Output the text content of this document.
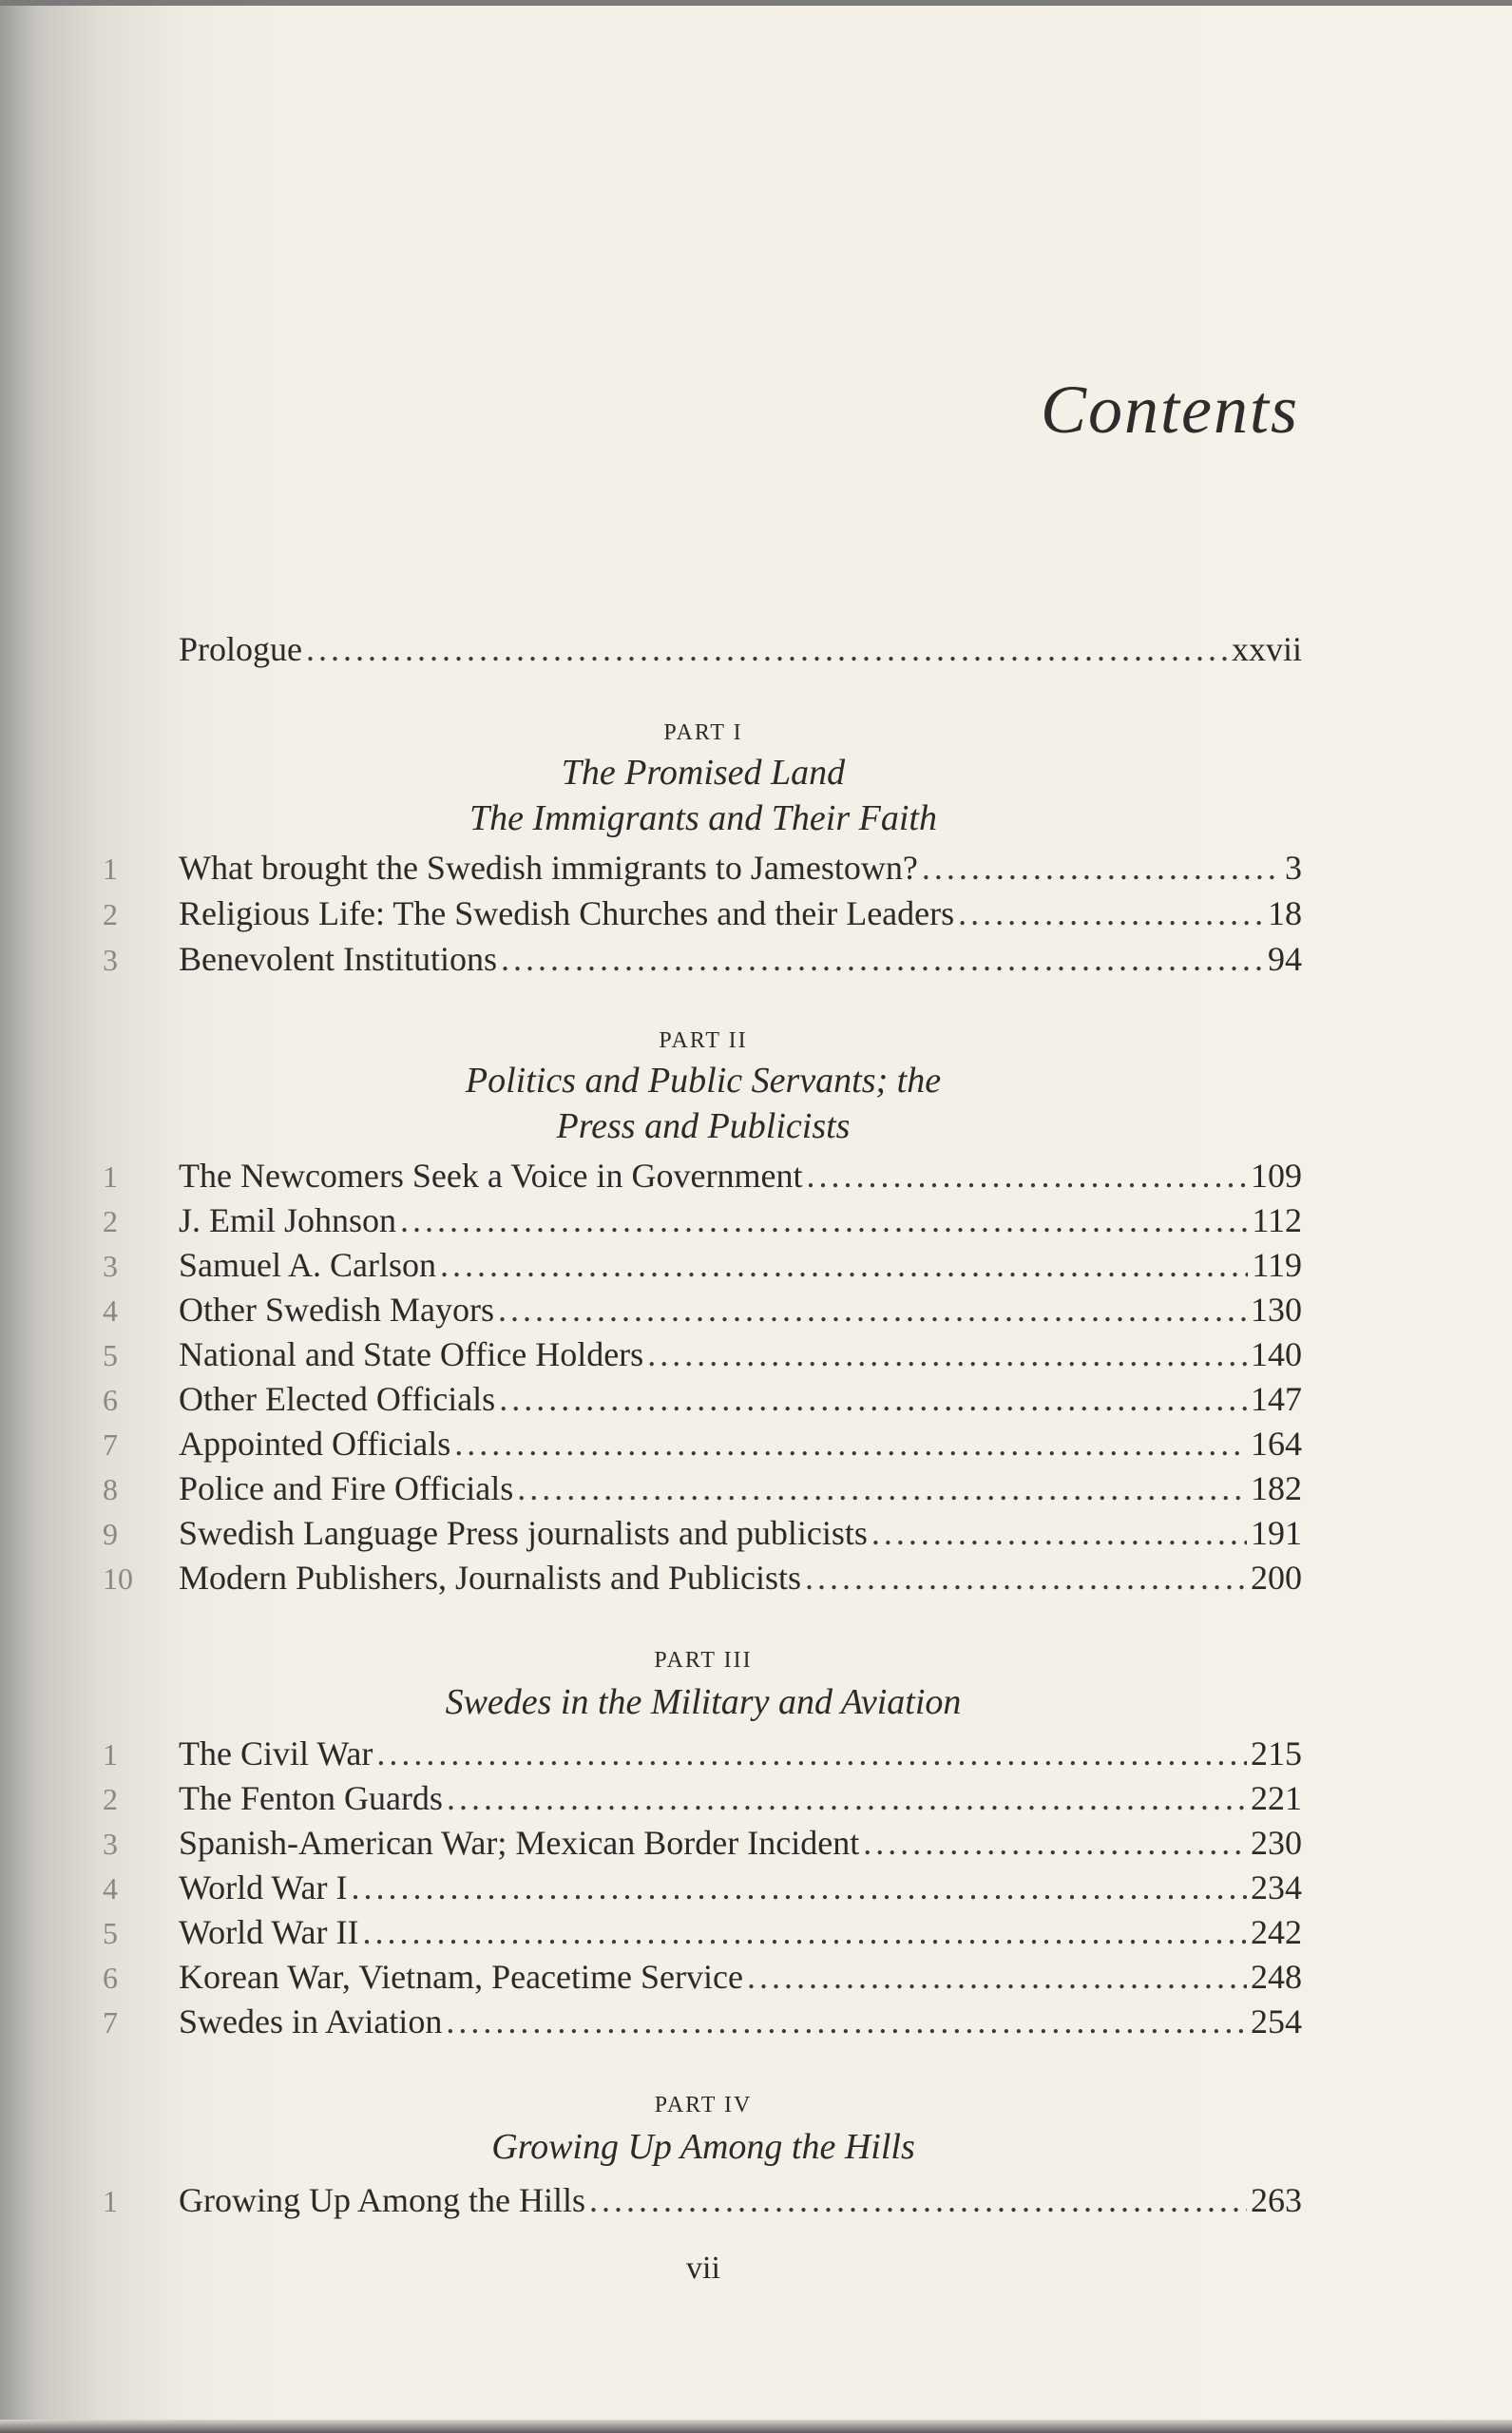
Contents
Prologue .....	xxvii
PART I
The Promised Land
The Immigrants and Their Faith
1	What brought the Swedish immigrants to Jamestown? .....	3
2	Religious Life: The Swedish Churches and their Leaders .....	18
3	Benevolent Institutions .....	94
PART II
Politics and Public Servants; the
Press and Publicists
1	The Newcomers Seek a Voice in Government .....	109
2	J. Emil Johnson .....	112
3	Samuel A. Carlson .....	119
4	Other Swedish Mayors .....	130
5	National and State Office Holders .....	140
6	Other Elected Officials .....	147
7	Appointed Officials .....	164
8	Police and Fire Officials .....	182
9	Swedish Language Press journalists and publicists .....	191
10	Modern Publishers, Journalists and Publicists .....	200
PART III
Swedes in the Military and Aviation
1	The Civil War .....	215
2	The Fenton Guards .....	221
3	Spanish-American War; Mexican Border Incident .....	230
4	World War I .....	234
5	World War II .....	242
6	Korean War, Vietnam, Peacetime Service .....	248
7	Swedes in Aviation .....	254
PART IV
Growing Up Among the Hills
1	Growing Up Among the Hills .....	263
vii
